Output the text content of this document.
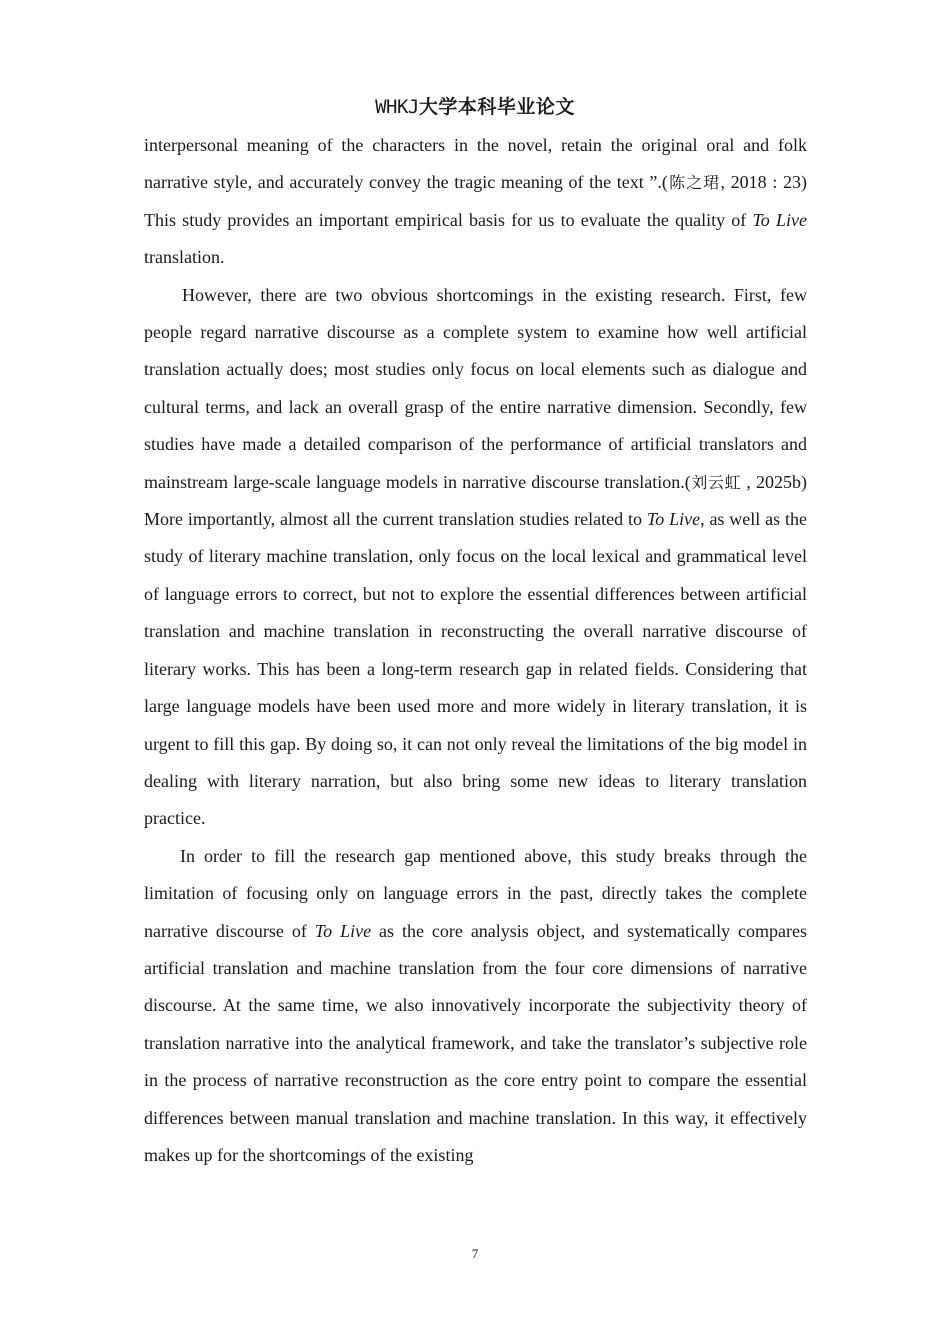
WHKJ大学本科毕业论文

interpersonal meaning of the characters in the novel, retain the original oral and folk narrative style, and accurately convey the tragic meaning of the text ”.(陈之珺, 2018 : 23) This study provides an important empirical basis for us to evaluate the quality of To Live translation.

However, there are two obvious shortcomings in the existing research. First, few people regard narrative discourse as a complete system to examine how well artificial translation actually does; most studies only focus on local elements such as dialogue and cultural terms, and lack an overall grasp of the entire narrative dimension. Secondly, few studies have made a detailed comparison of the performance of artificial translators and mainstream large-scale language models in narrative discourse translation.(刘云虹 , 2025b) More importantly, almost all the current translation studies related to To Live, as well as the study of literary machine translation, only focus on the local lexical and grammatical level of language errors to correct, but not to explore the essential differences between artificial translation and machine translation in reconstructing the overall narrative discourse of literary works. This has been a long-term research gap in related fields. Considering that large language models have been used more and more widely in literary translation, it is urgent to fill this gap. By doing so, it can not only reveal the limitations of the big model in dealing with literary narration, but also bring some new ideas to literary translation practice.

In order to fill the research gap mentioned above, this study breaks through the limitation of focusing only on language errors in the past, directly takes the complete narrative discourse of To Live as the core analysis object, and systematically compares artificial translation and machine translation from the four core dimensions of narrative discourse. At the same time, we also innovatively incorporate the subjectivity theory of translation narrative into the analytical framework, and take the translator’s subjective role in the process of narrative reconstruction as the core entry point to compare the essential differences between manual translation and machine translation. In this way, it effectively makes up for the shortcomings of the existing

7
